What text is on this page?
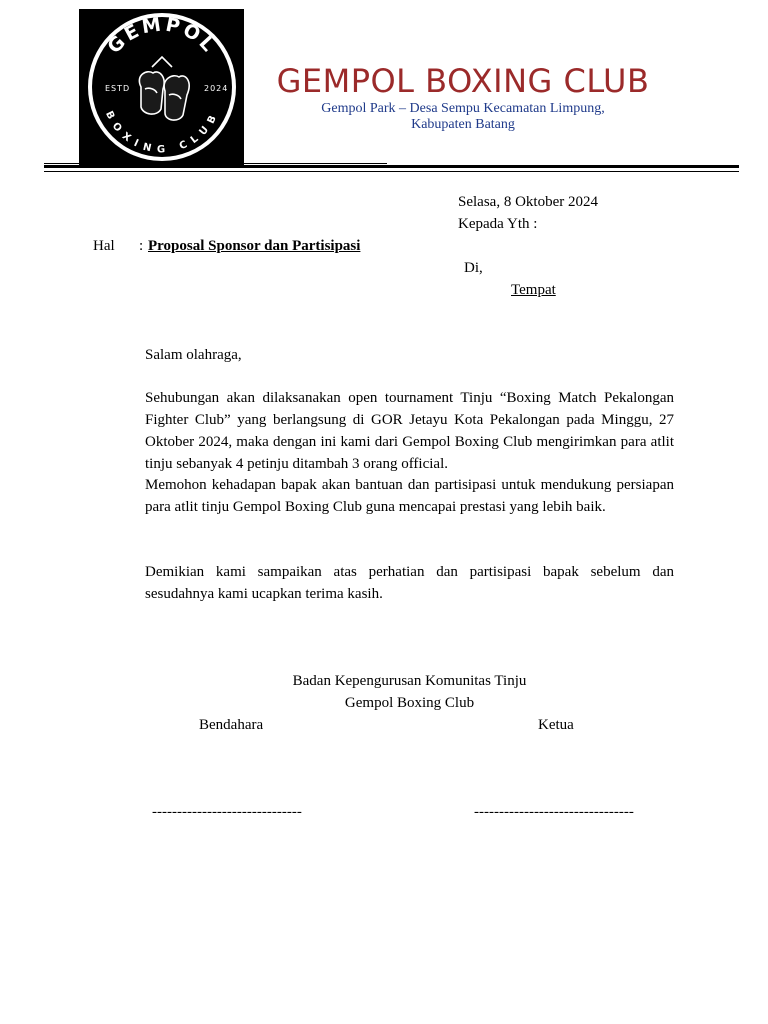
GEMPOL
BOXING CLUB
ESTD	2024 GEMPOL BOXING CLUB
Gempol Park – Desa Sempu Kecamatan Limpung,
Kabupaten Batang
Selasa, 8 Oktober 2024
Kepada Yth :
Hal : Proposal Sponsor dan Partisipasi
Di,
Tempat
Salam olahraga,
Sehubungan akan dilaksanakan open tournament Tinju “Boxing Match Pekalongan Fighter Club” yang berlangsung di GOR Jetayu Kota Pekalongan pada Minggu, 27 Oktober 2024, maka dengan ini kami dari Gempol Boxing Club mengirimkan para atlit tinju sebanyak 4 petinju ditambah 3 orang official.
Memohon kehadapan bapak akan bantuan dan partisipasi untuk mendukung persiapan para atlit tinju Gempol Boxing Club guna mencapai prestasi yang lebih baik.
Demikian kami sampaikan atas perhatian dan partisipasi bapak sebelum dan sesudahnya kami ucapkan terima kasih.
Badan Kepengurusan Komunitas Tinju
Gempol Boxing Club
Bendahara	Ketua
------------------------------	--------------------------------
